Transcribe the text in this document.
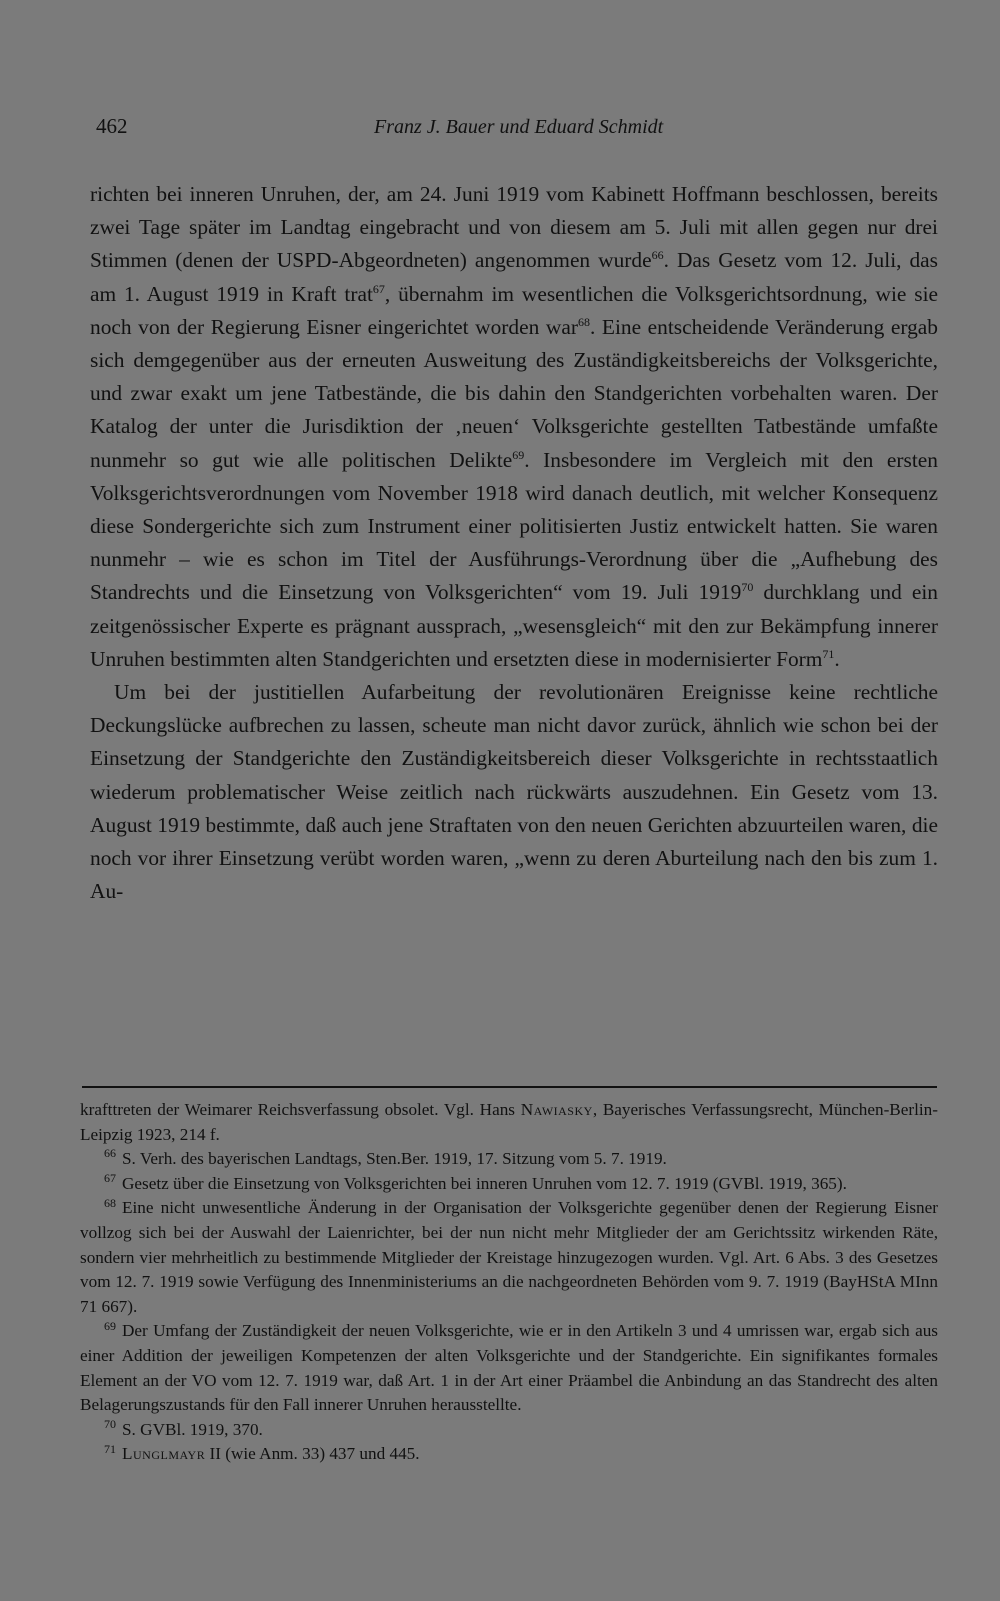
462	Franz J. Bauer und Eduard Schmidt

richten bei inneren Unruhen, der, am 24. Juni 1919 vom Kabinett Hoffmann beschlossen, bereits zwei Tage später im Landtag eingebracht und von diesem am 5. Juli mit allen gegen nur drei Stimmen (denen der USPD-Abgeordneten) angenommen wurde$^{66}$. Das Gesetz vom 12. Juli, das am 1. August 1919 in Kraft trat$^{67}$, übernahm im wesentlichen die Volksgerichtsordnung, wie sie noch von der Regierung Eisner eingerichtet worden war$^{68}$. Eine entscheidende Veränderung ergab sich demgegenüber aus der erneuten Ausweitung des Zuständigkeitsbereichs der Volksgerichte, und zwar exakt um jene Tatbestände, die bis dahin den Standgerichten vorbehalten waren. Der Katalog der unter die Jurisdiktion der ‚neuen‘ Volksgerichte gestellten Tatbestände umfaßte nunmehr so gut wie alle politischen Delikte$^{69}$. Insbesondere im Vergleich mit den ersten Volksgerichtsverordnungen vom November 1918 wird danach deutlich, mit welcher Konsequenz diese Sondergerichte sich zum Instrument einer politisierten Justiz entwickelt hatten. Sie waren nunmehr – wie es schon im Titel der Ausführungs-Verordnung über die „Aufhebung des Standrechts und die Einsetzung von Volksgerichten“ vom 19. Juli 1919$^{70}$ durchklang und ein zeitgenössischer Experte es prägnant aussprach, „wesensgleich“ mit den zur Bekämpfung innerer Unruhen bestimmten alten Standgerichten und ersetzten diese in modernisierter Form$^{71}$.

Um bei der justitiellen Aufarbeitung der revolutionären Ereignisse keine rechtliche Deckungslücke aufbrechen zu lassen, scheute man nicht davor zurück, ähnlich wie schon bei der Einsetzung der Standgerichte den Zuständigkeitsbereich dieser Volksgerichte in rechtsstaatlich wiederum problematischer Weise zeitlich nach rückwärts auszudehnen. Ein Gesetz vom 13. August 1919 bestimmte, daß auch jene Straftaten von den neuen Gerichten abzuurteilen waren, die noch vor ihrer Einsetzung verübt worden waren, „wenn zu deren Aburteilung nach den bis zum 1. Au-

krafttreten der Weimarer Reichsverfassung obsolet. Vgl. Hans Nawiasky, Bayerisches Verfassungsrecht, München-Berlin-Leipzig 1923, 214 f.

$^{66}$ S. Verh. des bayerischen Landtags, Sten.Ber. 1919, 17. Sitzung vom 5. 7. 1919.

$^{67}$ Gesetz über die Einsetzung von Volksgerichten bei inneren Unruhen vom 12. 7. 1919 (GVBl. 1919, 365).

$^{68}$ Eine nicht unwesentliche Änderung in der Organisation der Volksgerichte gegenüber denen der Regierung Eisner vollzog sich bei der Auswahl der Laienrichter, bei der nun nicht mehr Mitglieder der am Gerichtssitz wirkenden Räte, sondern vier mehrheitlich zu bestimmende Mitglieder der Kreistage hinzugezogen wurden. Vgl. Art. 6 Abs. 3 des Gesetzes vom 12. 7. 1919 sowie Verfügung des Innenministeriums an die nachgeordneten Behörden vom 9. 7. 1919 (BayHStA MInn 71 667).

$^{69}$ Der Umfang der Zuständigkeit der neuen Volksgerichte, wie er in den Artikeln 3 und 4 umrissen war, ergab sich aus einer Addition der jeweiligen Kompetenzen der alten Volksgerichte und der Standgerichte. Ein signifikantes formales Element an der VO vom 12. 7. 1919 war, daß Art. 1 in der Art einer Präambel die Anbindung an das Standrecht des alten Belagerungszustands für den Fall innerer Unruhen herausstellte.

$^{70}$ S. GVBl. 1919, 370.

$^{71}$ Lunglmayr II (wie Anm. 33) 437 und 445.
